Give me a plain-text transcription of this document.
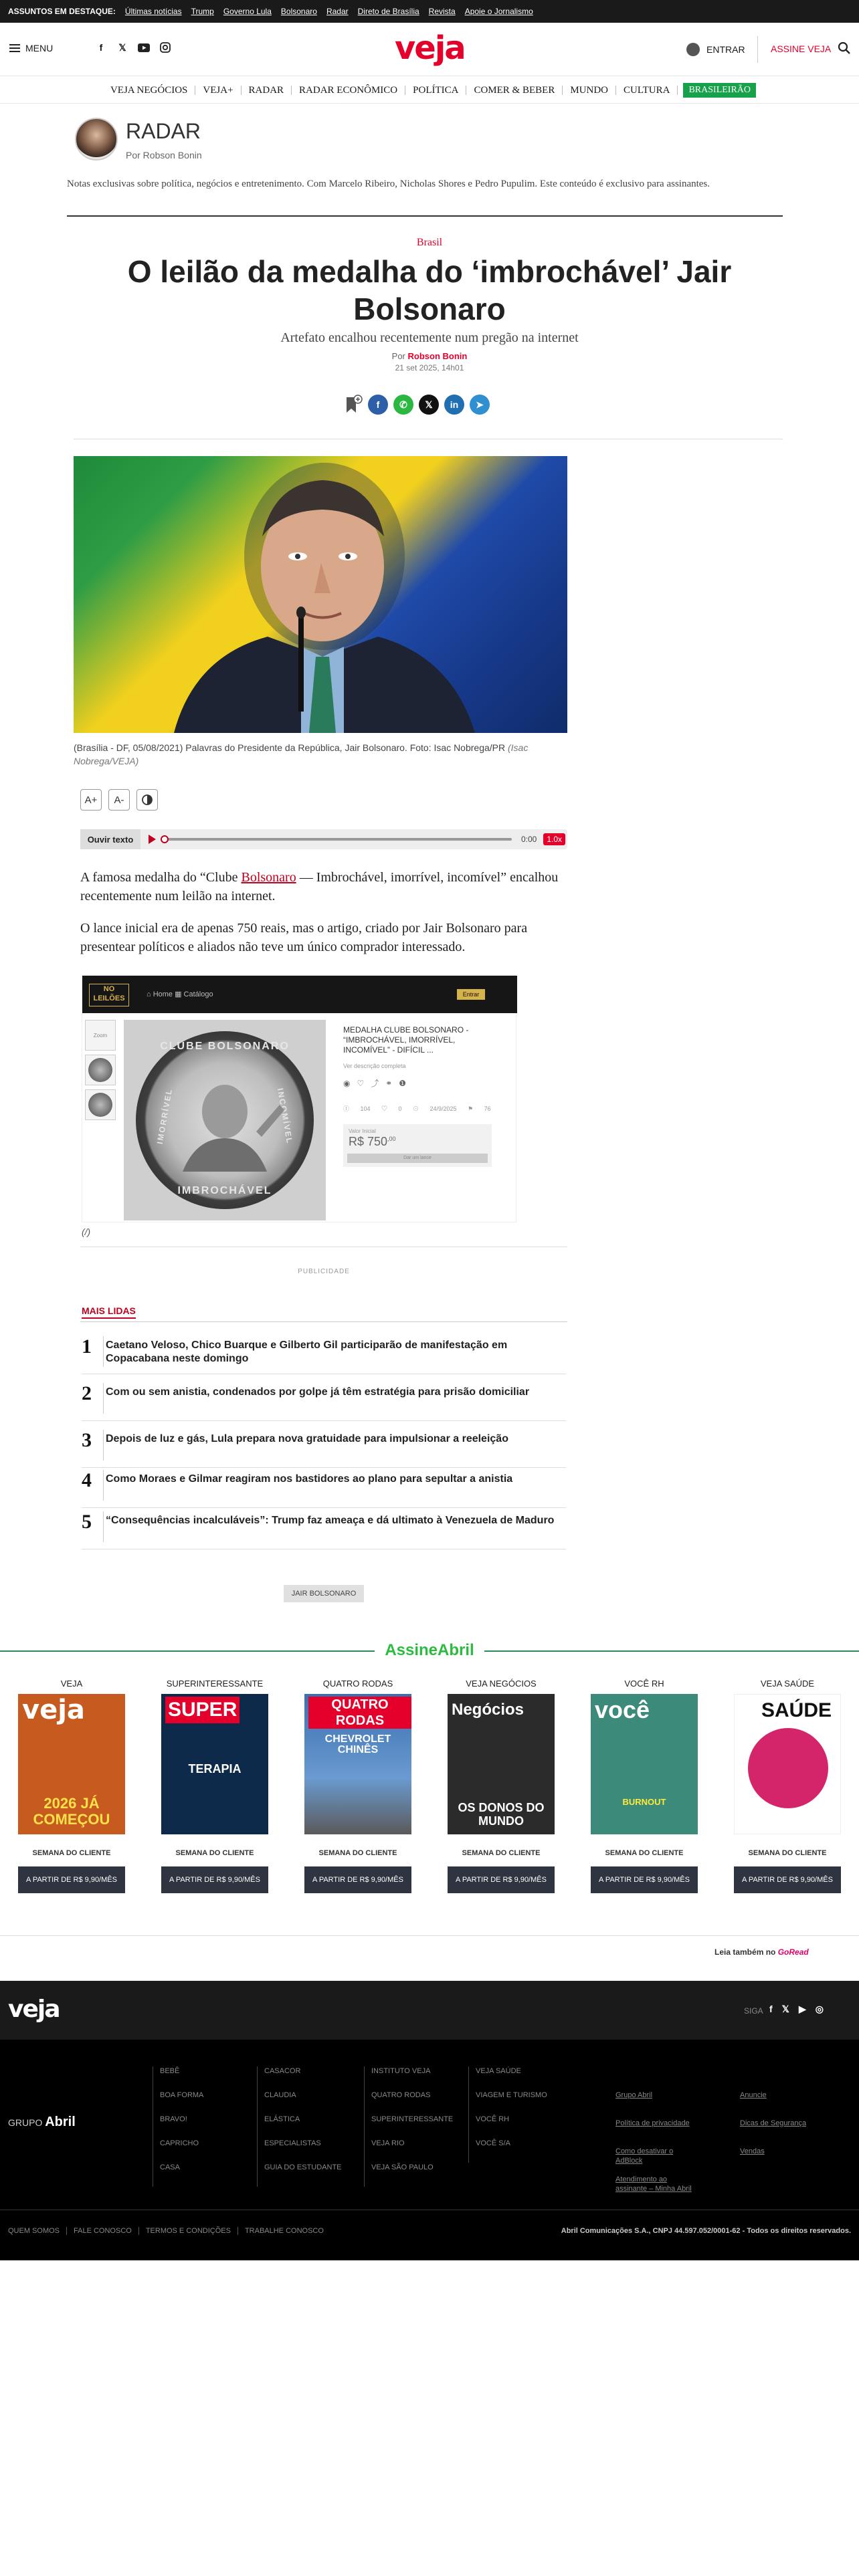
ASSUNTOS EM DESTAQUE: Últimas notícias Trump Governo Lula Bolsonaro Radar Direto de Brasília Revista Apoie o Jornalismo
MENU	f	𝕏	veja	ENTRAR	ASSINE VEJA
VEJA NEGÓCIOS	VEJA+	RADAR	RADAR ECONÔMICO	POLÍTICA	COMER & BEBER	MUNDO	CULTURA	BRASILEIRÃO
RADAR
Por Robson Bonin
Notas exclusivas sobre política, negócios e entretenimento. Com Marcelo Ribeiro, Nicholas Shores e Pedro Pupulim. Este conteúdo é exclusivo para assinantes.
Brasil
O leilão da medalha do ‘imbrochável’ Jair Bolsonaro
Artefato encalhou recentemente num pregão na internet
Por Robson Bonin
21 set 2025, 14h01
f	✆	𝕏	in	➤
(Brasília - DF, 05/08/2021) Palavras do Presidente da República, Jair Bolsonaro. Foto: Isac Nobrega/PR (Isac Nobrega/VEJA)
A+	A-
Ouvir texto	0:00	1.0x

A famosa medalha do “Clube Bolsonaro — Imbrochável, imorrível, incomível” encalhou recentemente num leilão na internet.

O lance inicial era de apenas 750 reais, mas o artigo, criado por Jair Bolsonaro para presentear políticos e aliados não teve um único comprador interessado.

NO LEILÕES	⌂ Home ▦ Catálogo	Entrar
Zoom
CLUBE BOLSONARO
IMBROCHÁVEL
IMORRÍVEL	INCOMÍVEL
MEDALHA CLUBE BOLSONARO - “IMBROCHÁVEL, IMORRÍVEL, INCOMÍVEL” - DIFÍCIL ...
Ver descrição completa
◉♡⤴⚭❶
Ⓘ 104 ♡ 0 ⊙ 24/9/2025 ⚑ 76
Valor Inicial
R$ $750^{,00}$
Dar um lance
(/)
PUBLICIDADE
MAIS LIDAS
1 Caetano Veloso, Chico Buarque e Gilberto Gil participarão de manifestação em Copacabana neste domingo
2 Com ou sem anistia, condenados por golpe já têm estratégia para prisão domiciliar
3 Depois de luz e gás, Lula prepara nova gratuidade para impulsionar a reeleição
4 Como Moraes e Gilmar reagiram nos bastidores ao plano para sepultar a anistia
5 “Consequências incalculáveis”: Trump faz ameaça e dá ultimato à Venezuela de Maduro
JAIR BOLSONARO
AssineAbril
VEJA
veja
2026 JÁ COMEÇOU
SEMANA DO CLIENTE
A PARTIR DE R$ 9,90/MÊS
SUPERINTERESSANTE
SUPER
TERAPIA
SEMANA DO CLIENTE
A PARTIR DE R$ 9,90/MÊS
QUATRO RODAS
QUATRO RODAS
CHEVROLET CHINÊS
SEMANA DO CLIENTE
A PARTIR DE R$ 9,90/MÊS
VEJA NEGÓCIOS
Negócios
OS DONOS DO MUNDO
SEMANA DO CLIENTE
A PARTIR DE R$ 9,90/MÊS
VOCÊ RH
você
BURNOUT
SEMANA DO CLIENTE
A PARTIR DE R$ 9,90/MÊS
VEJA SAÚDE
SAÚDE
SEMANA DO CLIENTE
A PARTIR DE R$ 9,90/MÊS
Leia também no GoRead
veja	SIGA f 𝕏 ▶ ◎
GRUPO Abril
BEBÊ
BOA FORMA
BRAVO!
CAPRICHO
CASA
CASACOR
CLAUDIA
ELÁSTICA
ESPECIALISTAS
GUIA DO ESTUDANTE
INSTITUTO VEJA
QUATRO RODAS
SUPERINTERESSANTE
VEJA RIO
VEJA SÃO PAULO
VEJA SAÚDE
VIAGEM E TURISMO
VOCÊ RH
VOCÊ S/A
Grupo Abril
Política de privacidade
Como desativar o AdBlock
Atendimento ao assinante – Minha Abril
Anuncie
Dicas de Segurança
Vendas
QUEM SOMOS FALE CONOSCO TERMOS E CONDIÇÕES TRABALHE CONOSCO	Abril Comunicações S.A., CNPJ 44.597.052/0001-62 - Todos os direitos reservados.
